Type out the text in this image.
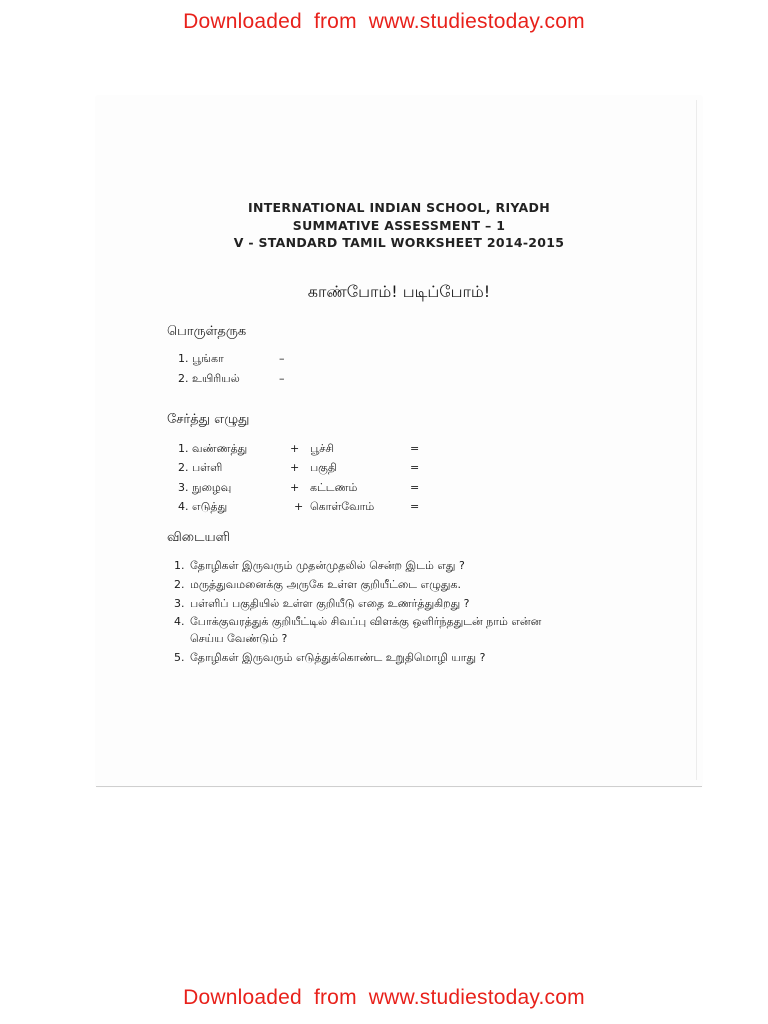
Downloaded from www.studiestoday.com
INTERNATIONAL INDIAN SCHOOL, RIYADH
SUMMATIVE ASSESSMENT – 1
V - STANDARD TAMIL WORKSHEET 2014-2015
காண்போம்! படிப்போம்!
பொருள்தருக
1. பூங்கா	–
2. உயிரியல்	–
சேர்த்து எழுது
1. வண்ணத்து	+ பூச்சி	=
2. பள்ளி	+ பகுதி	=
3. நுழைவு	+ கட்டணம்	=
4. எடுத்து	+ கொள்வோம்	=
விடையளி
1. தோழிகள் இருவரும் முதன்முதலில் சென்ற இடம் எது ?
2. மருத்துவமனைக்கு அருகே உள்ள குறியீட்டை எழுதுக.
3. பள்ளிப் பகுதியில் உள்ள குறியீடு எதை உணர்த்துகிறது ?
4. போக்குவரத்துக் குறியீட்டில் சிவப்பு விளக்கு ஒளிர்ந்ததுடன் நாம் என்ன
செய்ய வேண்டும் ?
5. தோழிகள் இருவரும் எடுத்துக்கொண்ட உறுதிமொழி யாது ?
Downloaded from www.studiestoday.com
